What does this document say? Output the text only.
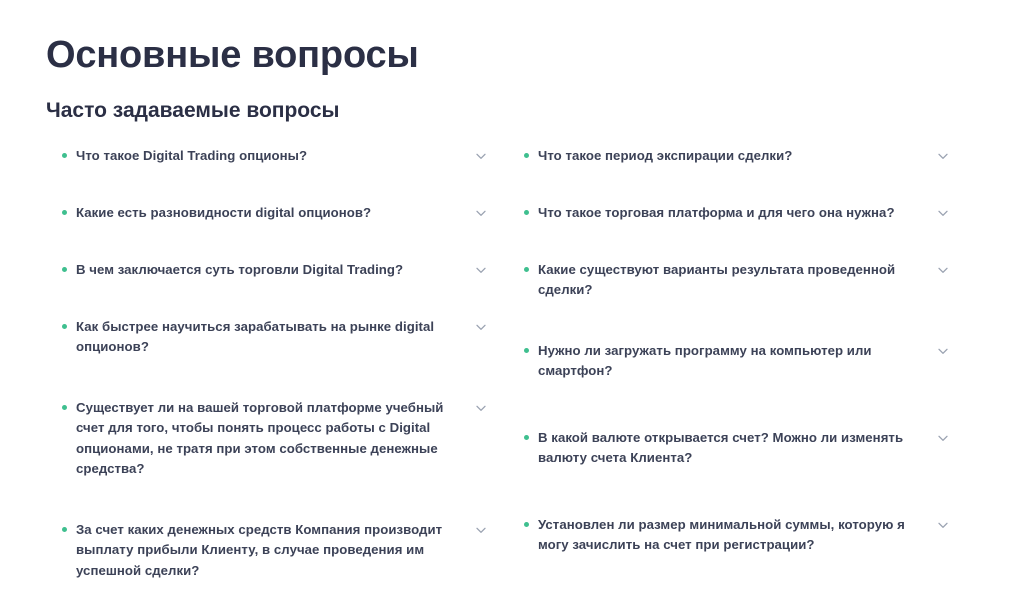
Основные вопросы
Часто задаваемые вопросы
Что такое Digital Trading опционы?
Какие есть разновидности digital опционов?
В чем заключается суть торговли Digital Trading?
Как быстрее научиться зарабатывать на рынке digital опционов?
Существует ли на вашей торговой платформе учебный счет для того, чтобы понять процесс работы с Digital опционами, не тратя при этом собственные денежные средства?
За счет каких денежных средств Компания производит выплату прибыли Клиенту, в случае проведения им успешной сделки?
Что такое период экспирации сделки?
Что такое торговая платформа и для чего она нужна?
Какие существуют варианты результата проведенной сделки?
Нужно ли загружать программу на компьютер или смартфон?
В какой валюте открывается счет? Можно ли изменять валюту счета Клиента?
Установлен ли размер минимальной суммы, которую я могу зачислить на счет при регистрации?
